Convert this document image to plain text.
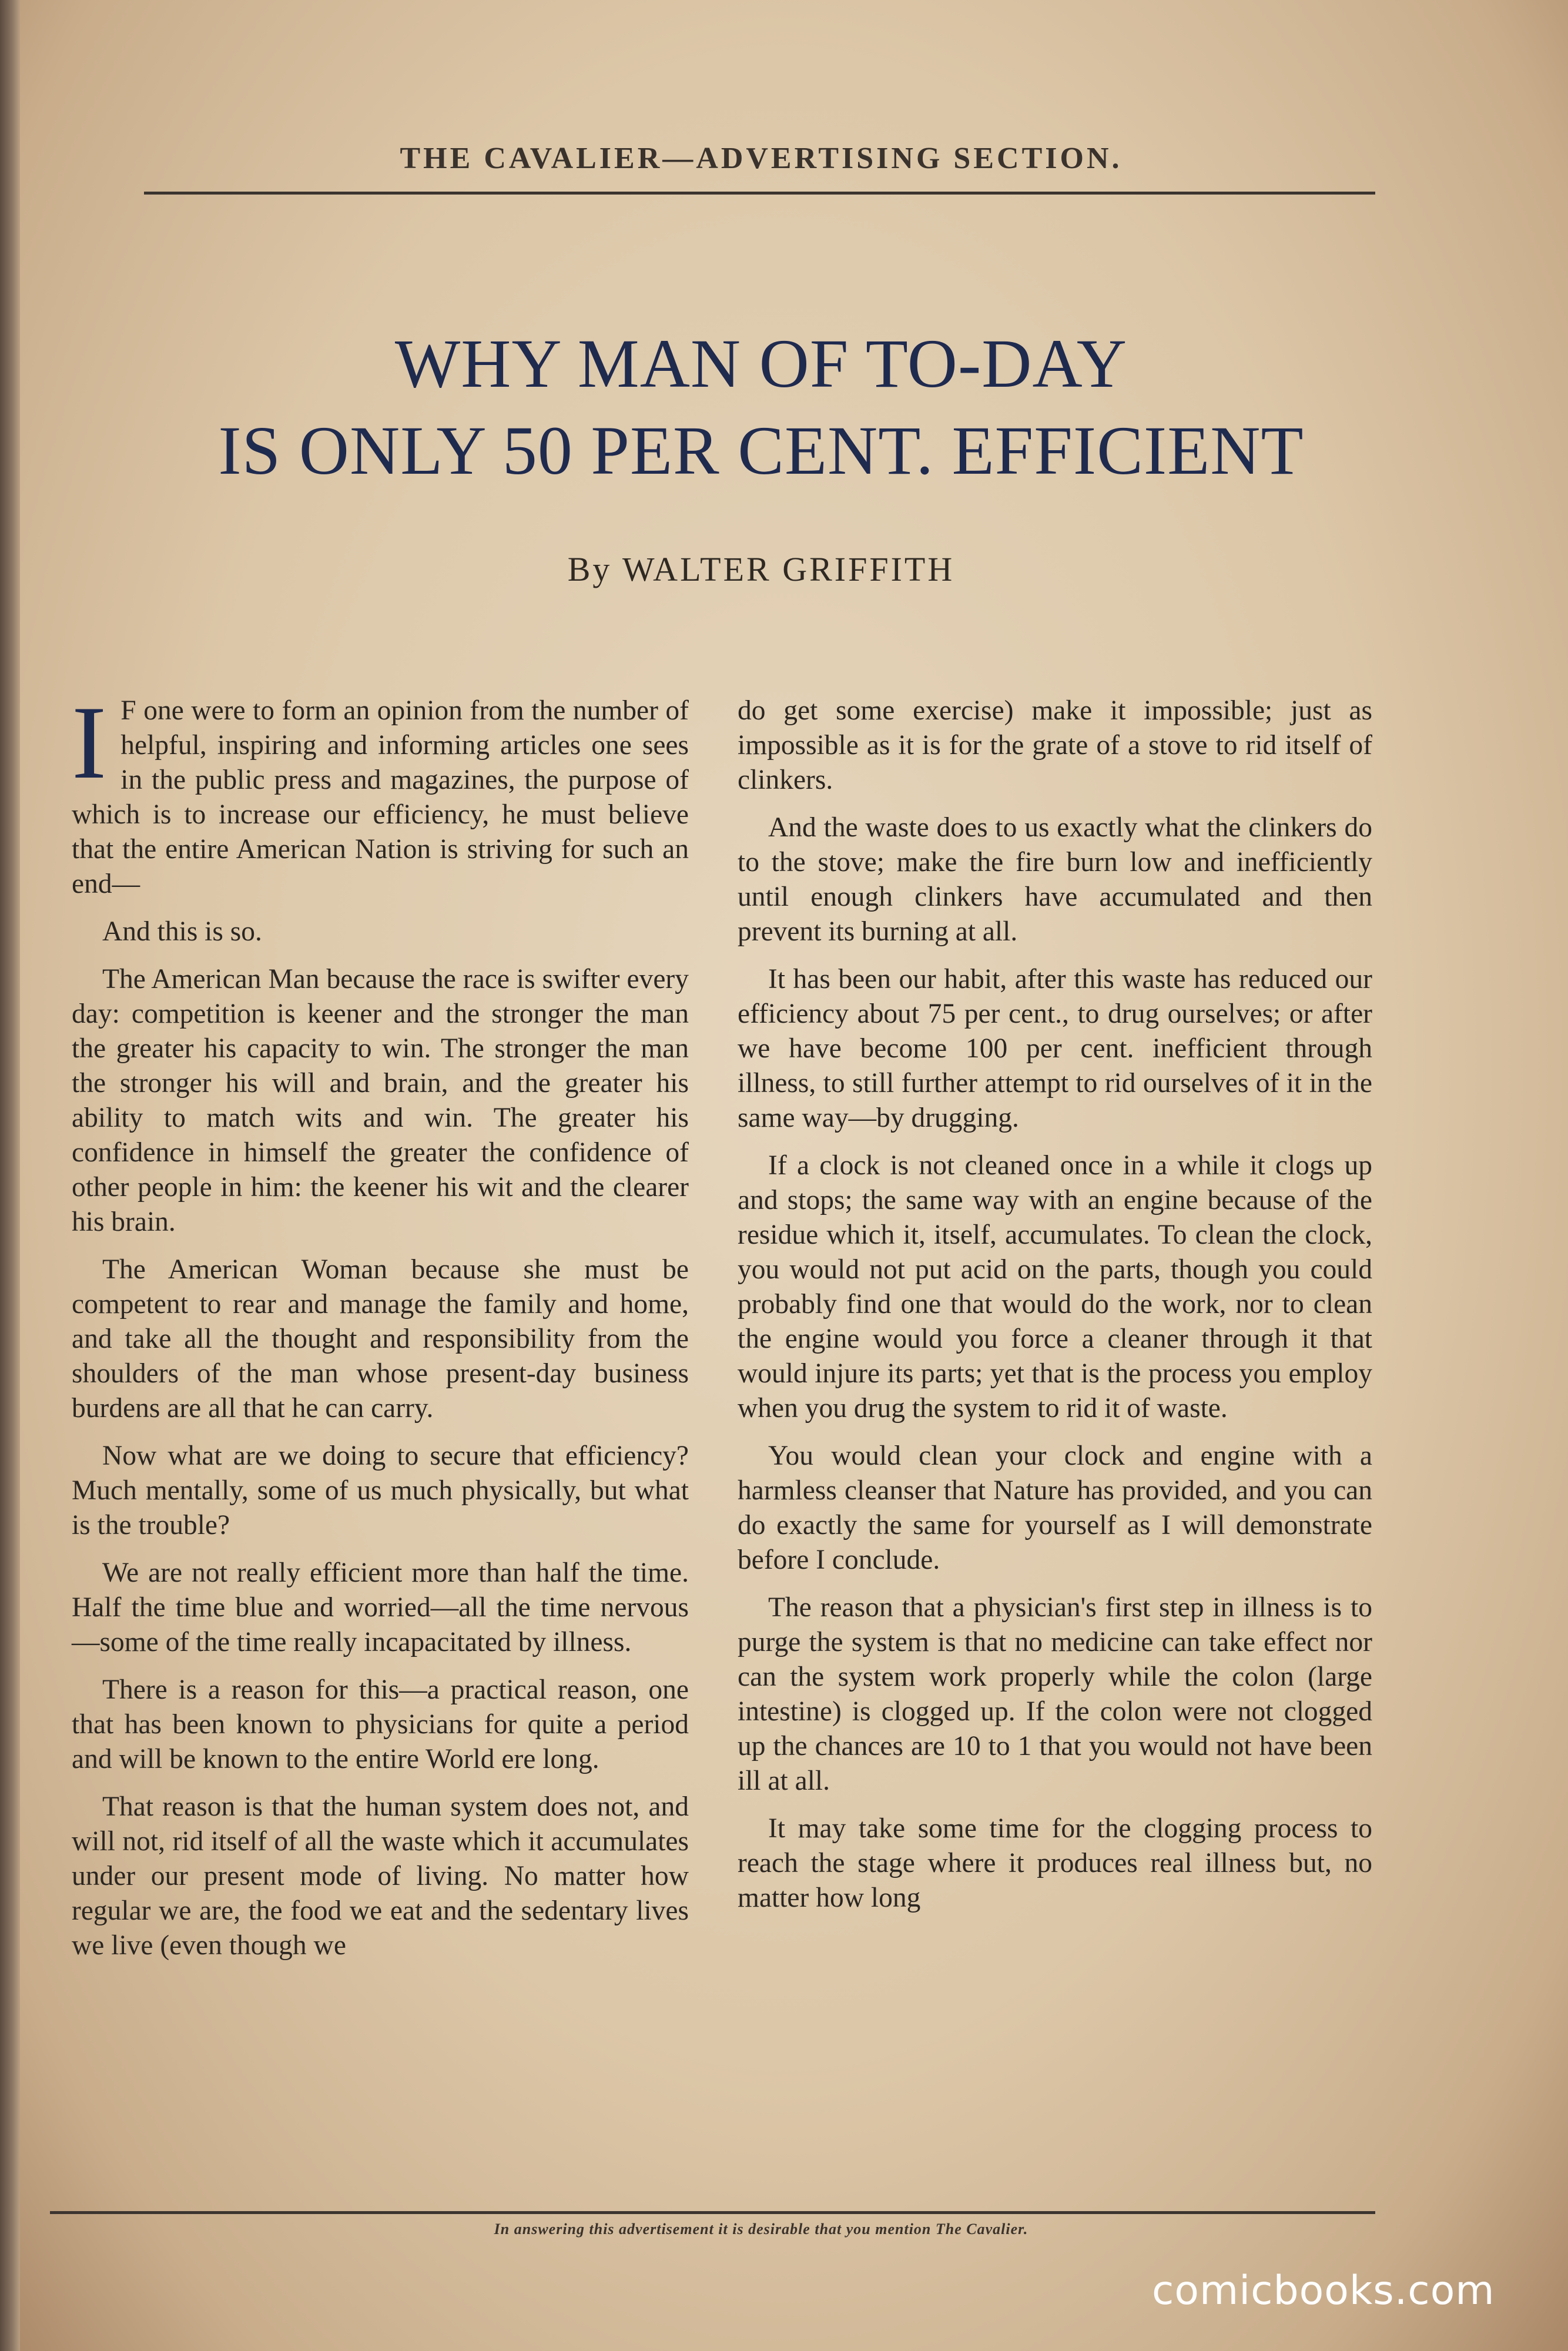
THE CAVALIER—ADVERTISING SECTION.
WHY MAN OF TO-DAY
IS ONLY 50 PER CENT. EFFICIENT
By WALTER GRIFFITH

I F one were to form an opinion from the number of helpful, inspiring and informing articles one sees in the public press and magazines, the purpose of which is to increase our efficiency, he must believe that the entire American Nation is striving for such an end—

And this is so.

The American Man because the race is swifter every day: competition is keener and the stronger the man the greater his capacity to win. The stronger the man the stronger his will and brain, and the greater his ability to match wits and win. The greater his confidence in himself the greater the confidence of other people in him: the keener his wit and the clearer his brain.

The American Woman because she must be competent to rear and manage the family and home, and take all the thought and responsibility from the shoulders of the man whose present-day business burdens are all that he can carry.

Now what are we doing to secure that efficiency? Much mentally, some of us much physically, but what is the trouble?

We are not really efficient more than half the time. Half the time blue and worried—all the time nervous—some of the time really incapacitated by illness.

There is a reason for this—a practical reason, one that has been known to physicians for quite a period and will be known to the entire World ere long.

That reason is that the human system does not, and will not, rid itself of all the waste which it accumulates under our present mode of living. No matter how regular we are, the food we eat and the sedentary lives we live (even though we

do get some exercise) make it impossible; just as impossible as it is for the grate of a stove to rid itself of clinkers.

And the waste does to us exactly what the clinkers do to the stove; make the fire burn low and inefficiently until enough clinkers have accumulated and then prevent its burning at all.

It has been our habit, after this waste has reduced our efficiency about 75 per cent., to drug ourselves; or after we have become 100 per cent. inefficient through illness, to still further attempt to rid ourselves of it in the same way—by drugging.

If a clock is not cleaned once in a while it clogs up and stops; the same way with an engine because of the residue which it, itself, accumulates. To clean the clock, you would not put acid on the parts, though you could probably find one that would do the work, nor to clean the engine would you force a cleaner through it that would injure its parts; yet that is the process you employ when you drug the system to rid it of waste.

You would clean your clock and engine with a harmless cleanser that Nature has provided, and you can do exactly the same for yourself as I will demonstrate before I conclude.

The reason that a physician's first step in illness is to purge the system is that no medicine can take effect nor can the system work properly while the colon (large intestine) is clogged up. If the colon were not clogged up the chances are 10 to 1 that you would not have been ill at all.

It may take some time for the clogging process to reach the stage where it produces real illness but, no matter how long

In answering this advertisement it is desirable that you mention The Cavalier.
comicbooks.com
